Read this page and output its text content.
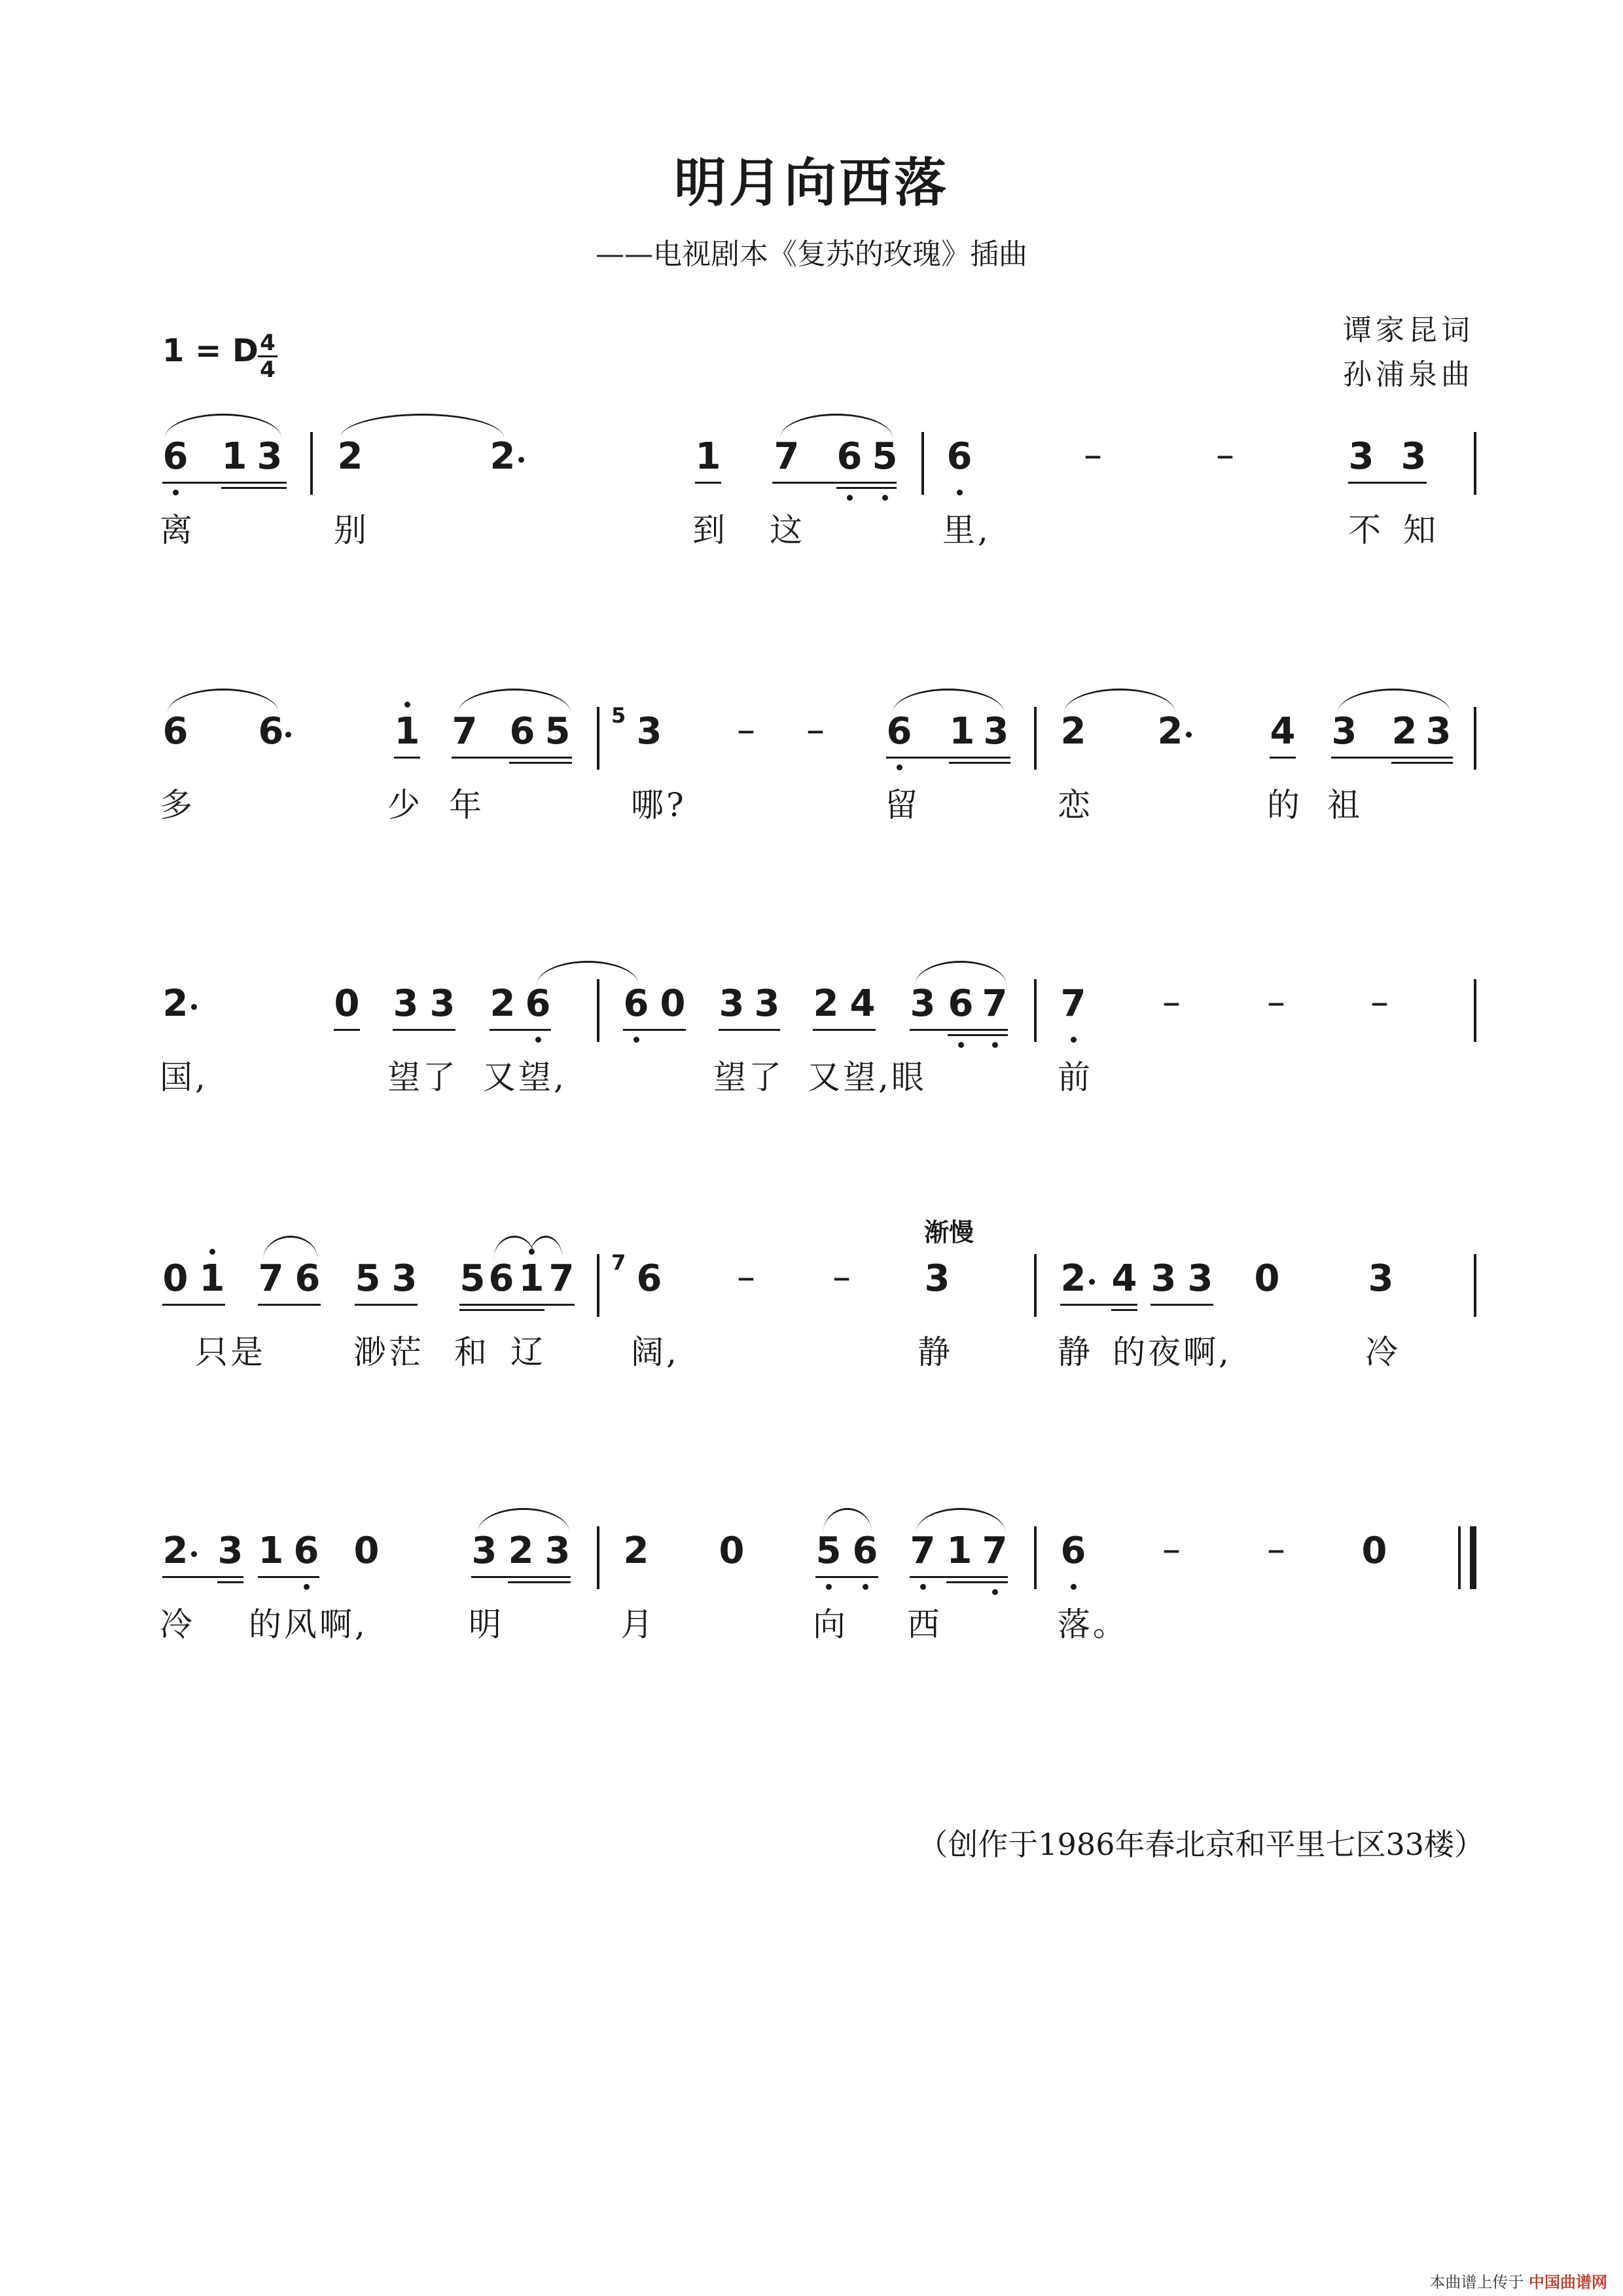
明月向西落
——电视剧本《复苏的玫瑰》插曲
谭家昆词
孙浦泉曲
1 = D 4
4
6 1 3 2	2	1 7 6 5 6	–	–	3 3
离	别	到 这	里,	不 知
6 6	1 7 6 5 5 3 – – 6 1 3 2 2 4 3 2 3
多	少 年	哪?	留	恋	的 祖
2	0 3 3 2 6 6 0 3 3 2 4 3 6 7 7 – – –
国,	望了 又望,	望了 又望,眼	前
渐慢
0 1 7 6 5 3 5 6 1 7 7 6 – – 3	2 4 3 3 0 3
只是	渺茫 和 辽	阔,	静	静 的夜啊,	冷
2 3 1 6 0	3 2 3 2 0 5 6 7 1 7 6 – – 0
冷 的风啊,	明	月	向 西	落。
（创作于1986年春北京和平里七区33楼）
本曲谱上传于 中国曲谱网
